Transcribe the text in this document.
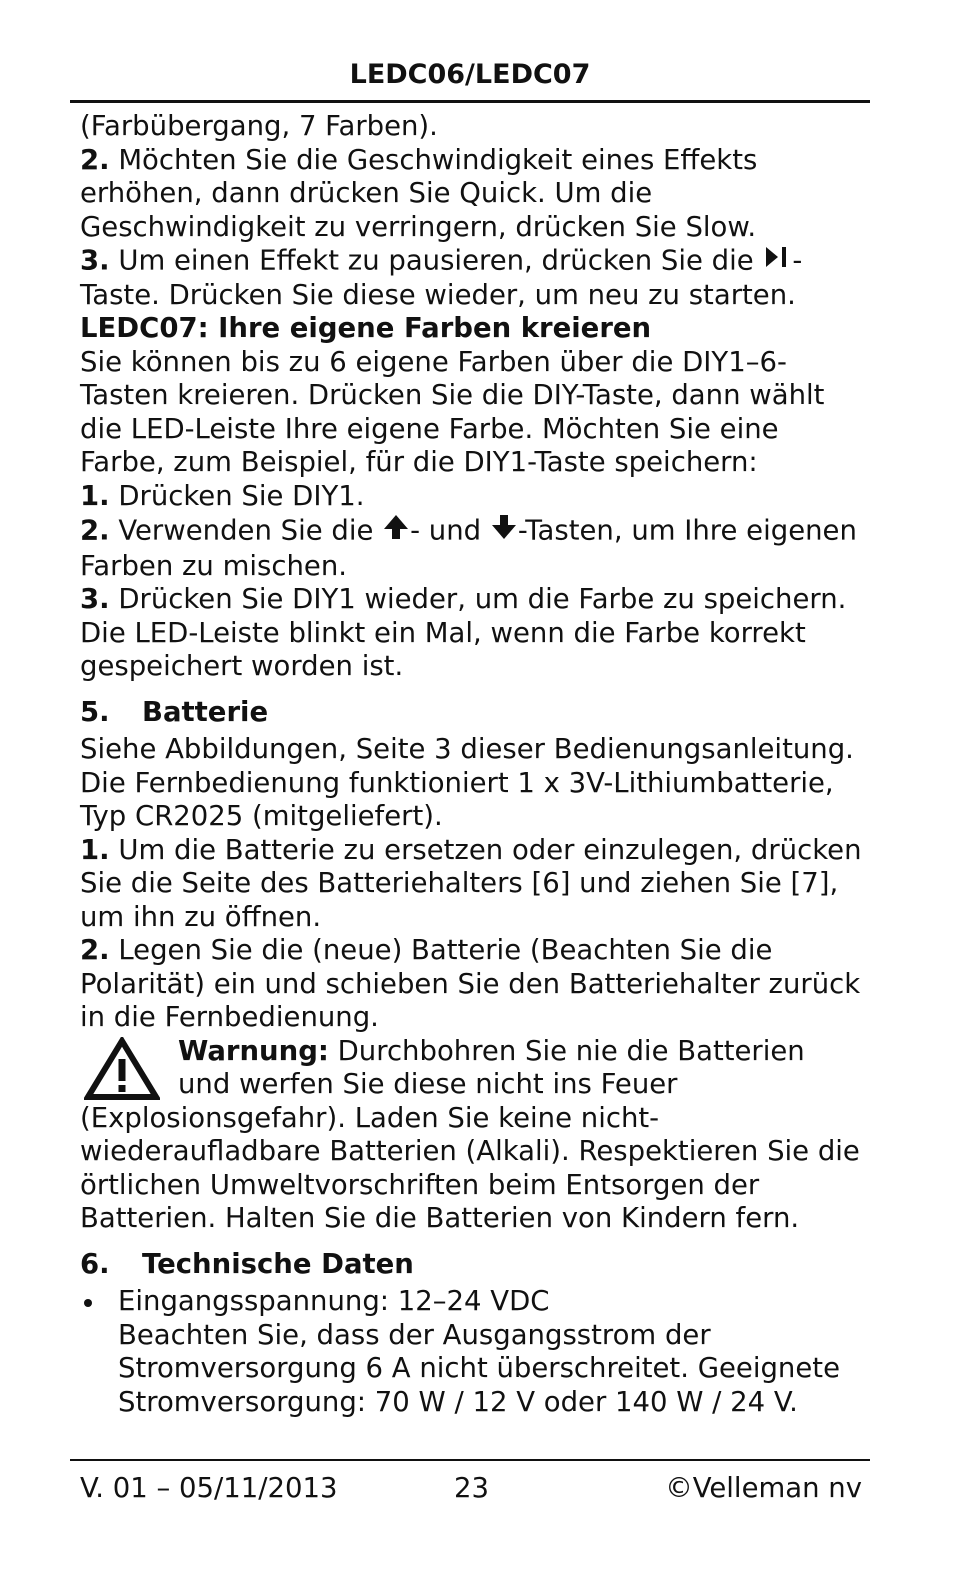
LEDC06/LEDC07

(Farbübergang, 7 Farben).

2. Möchten Sie die Geschwindigkeit eines Effekts erhöhen, dann drücken Sie Quick. Um die Geschwindigkeit zu verringern, drücken Sie Slow.

3. Um einen Effekt zu pausieren, drücken Sie die -
Taste. Drücken Sie diese wieder, um neu zu starten.

LEDC07: Ihre eigene Farben kreieren

Sie können bis zu 6 eigene Farben über die DIY1–6-Tasten kreieren. Drücken Sie die DIY-Taste, dann wählt die LED-Leiste Ihre eigene Farbe. Möchten Sie eine Farbe, zum Beispiel, für die DIY1-Taste speichern:

1. Drücken Sie DIY1.

2. Verwenden Sie die - und -Tasten, um Ihre eigenen Farben zu mischen.

3. Drücken Sie DIY1 wieder, um die Farbe zu speichern. Die LED-Leiste blinkt ein Mal, wenn die Farbe korrekt gespeichert worden ist.

5. Batterie

Siehe Abbildungen, Seite 3 dieser Bedienungsanleitung. Die Fernbedienung funktioniert 1 x 3V-Lithiumbatterie, Typ CR2025 (mitgeliefert).

1. Um die Batterie zu ersetzen oder einzulegen, drücken Sie die Seite des Batteriehalters [6] und ziehen Sie [7], um ihn zu öffnen.

2. Legen Sie die (neue) Batterie (Beachten Sie die Polarität) ein und schieben Sie den Batteriehalter zurück in die Fernbedienung.

Warnung: Durchbohren Sie nie die Batterien

und werfen Sie diese nicht ins Feuer

(Explosionsgefahr). Laden Sie keine nicht-wiederaufladbare Batterien (Alkali). Respektieren Sie die örtlichen Umweltvorschriften beim Entsorgen der Batterien. Halten Sie die Batterien von Kindern fern.

6. Technische Daten

Eingangsspannung: 12–24 VDC

Beachten Sie, dass der Ausgangsstrom der Stromversorgung 6 A nicht überschreitet. Geeignete Stromversorgung: 70 W / 12 V oder 140 W / 24 V.

V. 01 – 05/11/2013	23	©Velleman nv
